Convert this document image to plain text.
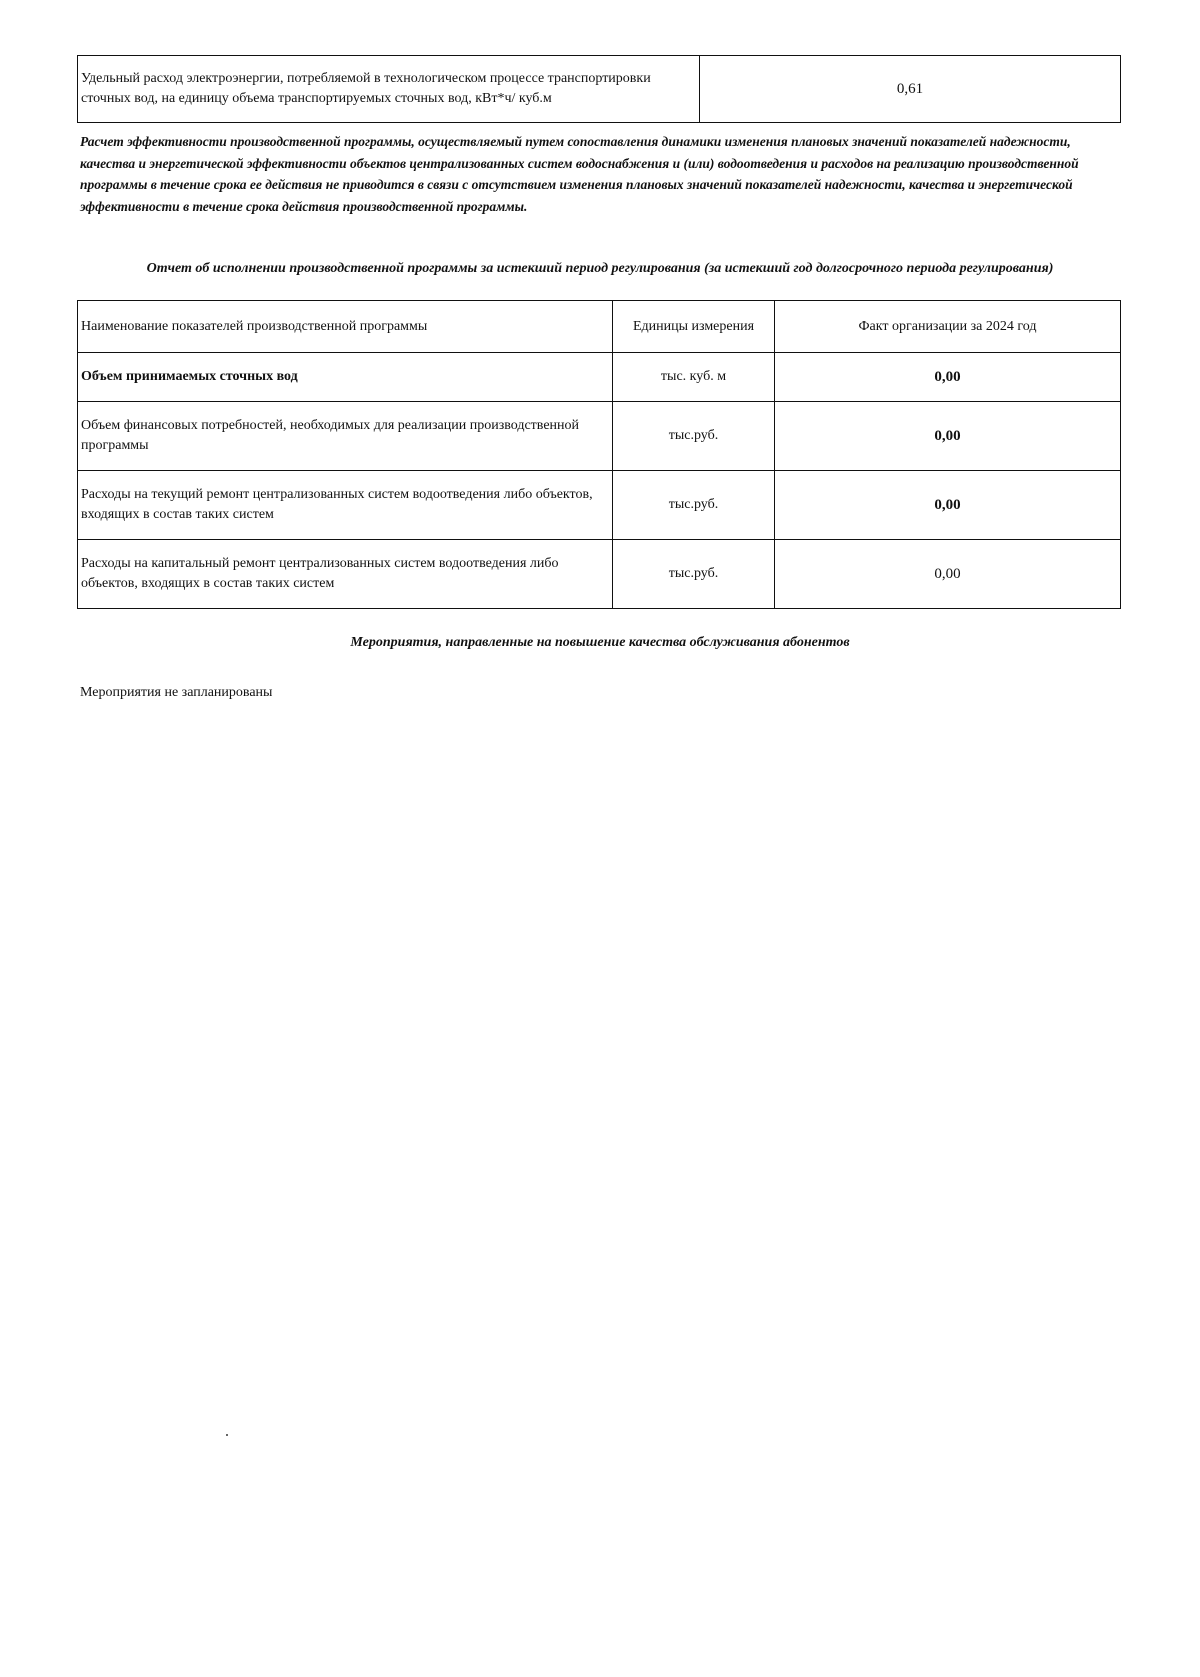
Удельный расход электроэнергии, потребляемой в технологическом процессе транспортировки сточных вод, на единицу объема транспортируемых сточных вод, кВт*ч/ куб.м	0,61
Расчет эффективности производственной программы, осуществляемый путем сопоставления динамики изменения плановых значений показателей надежности, качества и энергетической эффективности объектов централизованных систем водоснабжения и (или) водоотведения и расходов на реализацию производственной программы в течение срока ее действия не приводится в связи с отсутствием изменения плановых значений показателей надежности, качества и энергетической эффективности в течение срока действия производственной программы.
Отчет об исполнении производственной программы за истекший период регулирования (за истекший год долгосрочного периода регулирования)
Наименование показателей производственной программы	Единицы измерения	Факт организации за 2024 год
Объем принимаемых сточных вод	тыс. куб. м	0,00
Объем финансовых потребностей, необходимых для реализации производственной программы	тыс.руб.	0,00
Расходы на текущий ремонт централизованных систем водоотведения либо объектов, входящих в состав таких систем	тыс.руб.	0,00
Расходы на капитальный ремонт централизованных систем водоотведения либо объектов, входящих в состав таких систем	тыс.руб.	0,00
Мероприятия, направленные на повышение качества обслуживания абонентов
Мероприятия не запланированы
